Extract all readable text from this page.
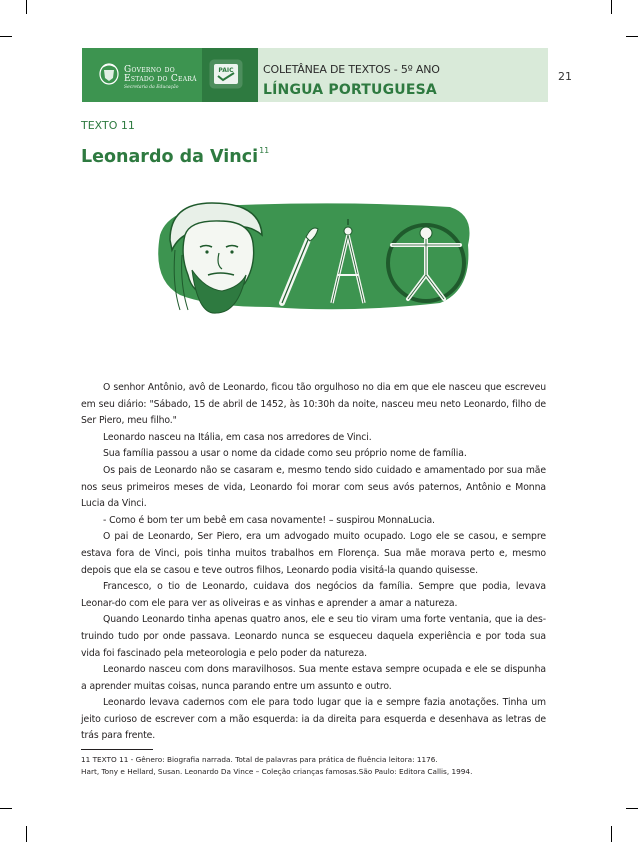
Governo do
Estado do Ceará
Secretaria da Educação
PAIC	COLETÂNEA DE TEXTOS - 5º ANO
LÍNGUA PORTUGUESA
21
TEXTO 11
Leonardo da Vinci$^{11}$

O senhor Antônio, avô de Leonardo, ficou tão orgulhoso no dia em que ele nasceu que escreveu em seu diário: "Sábado, 15 de abril de 1452, às 10:30h da noite, nasceu meu neto Leonardo, filho de Ser Piero, meu filho."

Leonardo nasceu na Itália, em casa nos arredores de Vinci.

Sua família passou a usar o nome da cidade como seu próprio nome de família.

Os pais de Leonardo não se casaram e, mesmo tendo sido cuidado e amamentado por sua mãe nos seus primeiros meses de vida, Leonardo foi morar com seus avós paternos, Antônio e Monna Lucia da Vinci.

- Como é bom ter um bebê em casa novamente! – suspirou MonnaLucia.

O pai de Leonardo, Ser Piero, era um advogado muito ocupado. Logo ele se casou, e sempre estava fora de Vinci, pois tinha muitos trabalhos em Florença. Sua mãe morava perto e, mesmo depois que ela se casou e teve outros filhos, Leonardo podia visitá-la quando quisesse.

Francesco, o tio de Leonardo, cuidava dos negócios da família. Sempre que podia, levava Leonar-do com ele para ver as oliveiras e as vinhas e aprender a amar a natureza.

Quando Leonardo tinha apenas quatro anos, ele e seu tio viram uma forte ventania, que ia des-truindo tudo por onde passava. Leonardo nunca se esqueceu daquela experiência e por toda sua vida foi fascinado pela meteorologia e pelo poder da natureza.

Leonardo nasceu com dons maravilhosos. Sua mente estava sempre ocupada e ele se dispunha a aprender muitas coisas, nunca parando entre um assunto e outro.

Leonardo levava cadernos com ele para todo lugar que ia e sempre fazia anotações. Tinha um jeito curioso de escrever com a mão esquerda: ia da direita para esquerda e desenhava as letras de trás para frente.

11 TEXTO 11 - Gênero: Biografia narrada. Total de palavras para prática de fluência leitora: 1176.
Hart, Tony e Hellard, Susan. Leonardo Da Vince – Coleção crianças famosas.São Paulo: Editora Callis, 1994.
